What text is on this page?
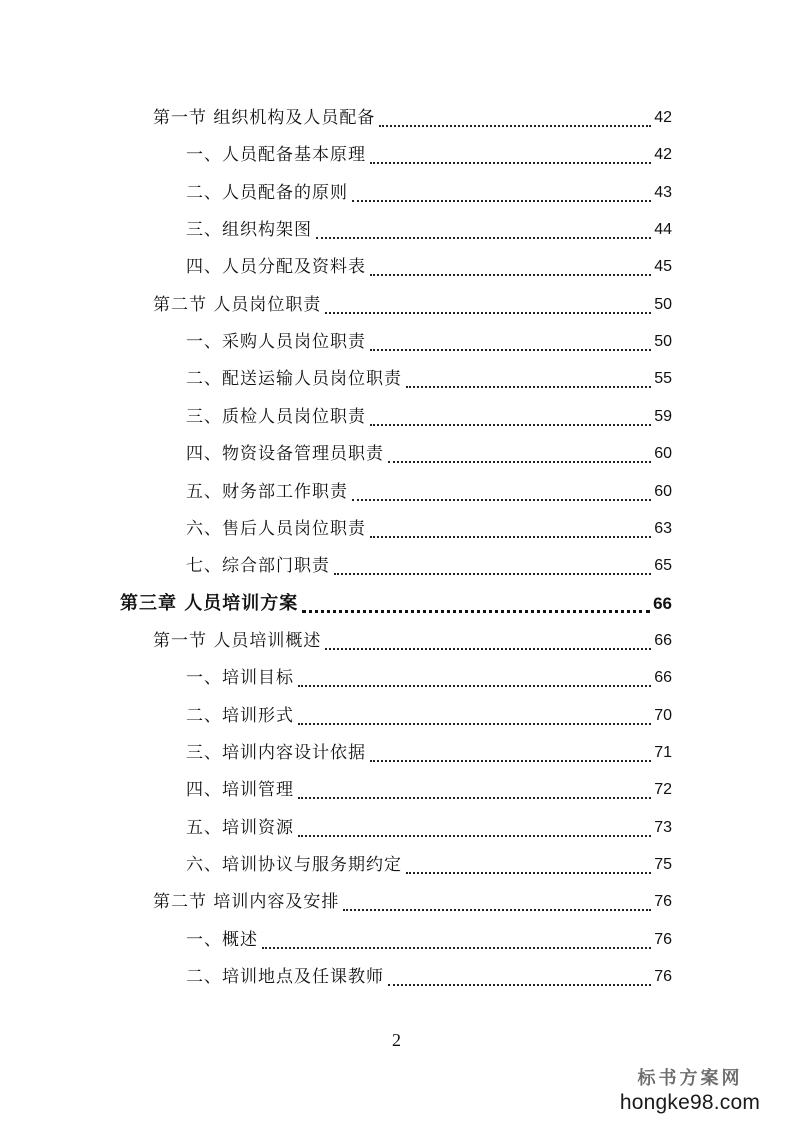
第一节 组织机构及人员配备	42
一、人员配备基本原理	42
二、人员配备的原则	43
三、组织构架图	44
四、人员分配及资料表	45
第二节 人员岗位职责	50
一、采购人员岗位职责	50
二、配送运输人员岗位职责	55
三、质检人员岗位职责	59
四、物资设备管理员职责	60
五、财务部工作职责	60
六、售后人员岗位职责	63
七、综合部门职责	65
第三章 人员培训方案	66
第一节 人员培训概述	66
一、培训目标	66
二、培训形式	70
三、培训内容设计依据	71
四、培训管理	72
五、培训资源	73
六、培训协议与服务期约定	75
第二节 培训内容及安排	76
一、概述	76
二、培训地点及任课教师	76
2
标书方案网
hongke98.com
